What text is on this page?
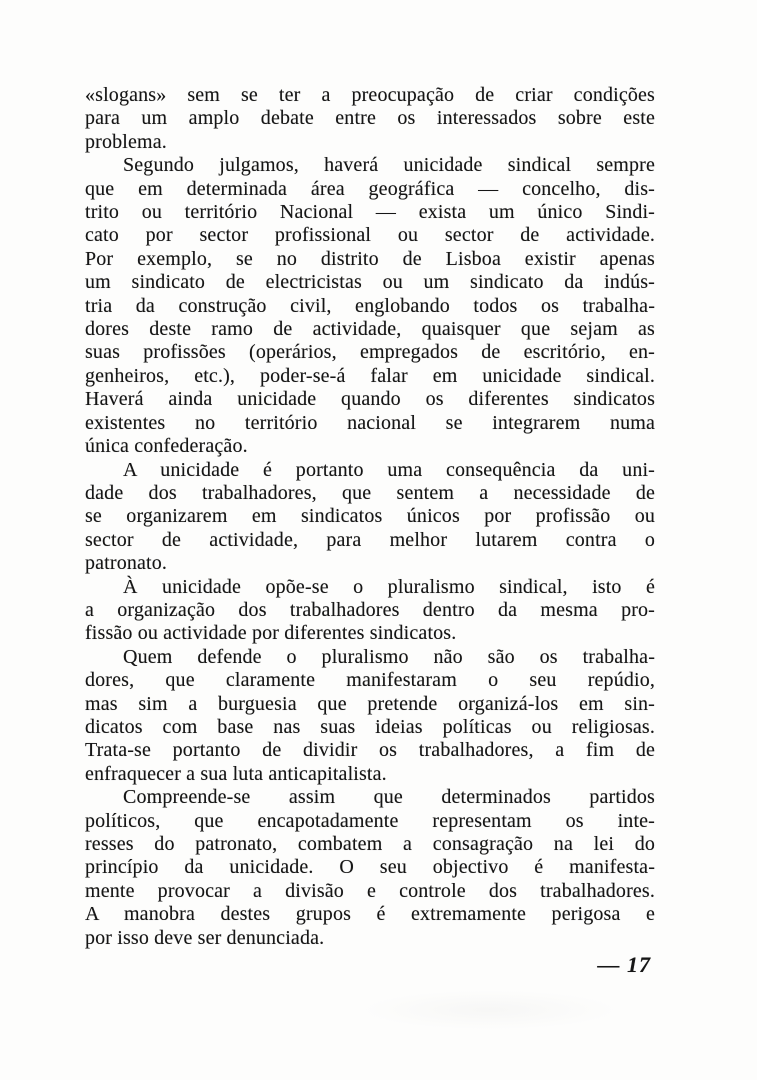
«slogans» sem se ter a preocupação de criar condições
para um amplo debate entre os interessados sobre este
problema.
Segundo julgamos, haverá unicidade sindical sempre
que em determinada área geográfica — concelho, dis-
trito ou território Nacional — exista um único Sindi-
cato por sector profissional ou sector de actividade.
Por exemplo, se no distrito de Lisboa existir apenas
um sindicato de electricistas ou um sindicato da indús-
tria da construção civil, englobando todos os trabalha-
dores deste ramo de actividade, quaisquer que sejam as
suas profissões (operários, empregados de escritório, en-
genheiros, etc.), poder-se-á falar em unicidade sindical.
Haverá ainda unicidade quando os diferentes sindicatos
existentes no território nacional se integrarem numa
única confederação.
A unicidade é portanto uma consequência da uni-
dade dos trabalhadores, que sentem a necessidade de
se organizarem em sindicatos únicos por profissão ou
sector de actividade, para melhor lutarem contra o
patronato.
À unicidade opõe-se o pluralismo sindical, isto é
a organização dos trabalhadores dentro da mesma pro-
fissão ou actividade por diferentes sindicatos.
Quem defende o pluralismo não são os trabalha-
dores, que claramente manifestaram o seu repúdio,
mas sim a burguesia que pretende organizá-los em sin-
dicatos com base nas suas ideias políticas ou religiosas.
Trata-se portanto de dividir os trabalhadores, a fim de
enfraquecer a sua luta anticapitalista.
Compreende-se assim que determinados partidos
políticos, que encapotadamente representam os inte-
resses do patronato, combatem a consagração na lei do
princípio da unicidade. O seu objectivo é manifesta-
mente provocar a divisão e controle dos trabalhadores.
A manobra destes grupos é extremamente perigosa e
por isso deve ser denunciada.
— 17
